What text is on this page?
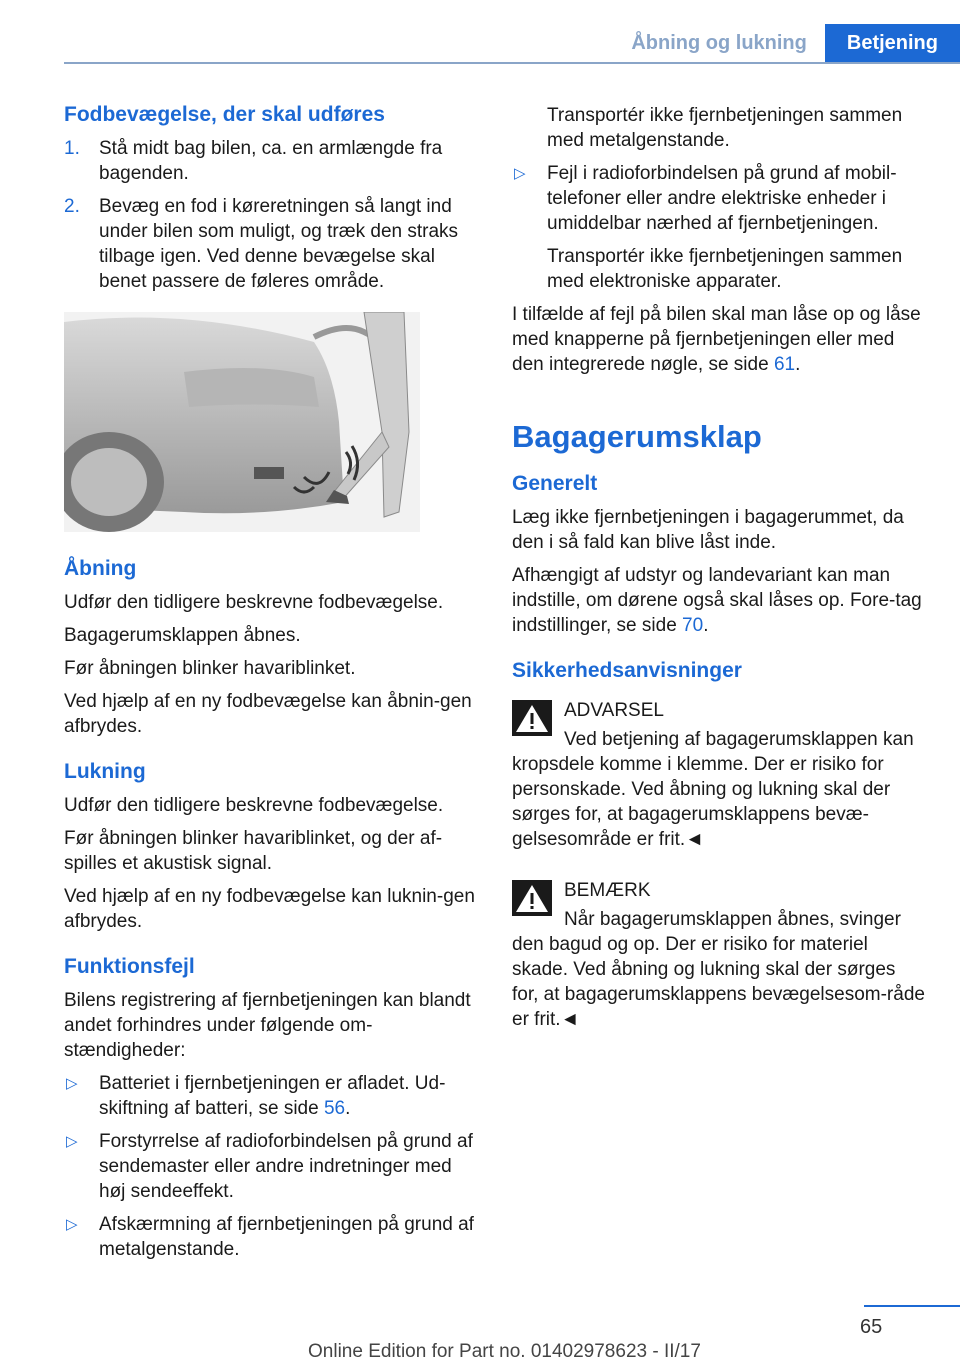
Åbning og lukning	Betjening
Fodbevægelse, der skal udføres
1. Stå midt bag bilen, ca. en armlængde fra bagenden.
2. Bevæg en fod i køreretningen så langt ind under bilen som muligt, og træk den straks tilbage igen. Ved denne bevægelse skal benet passere de føleres område.
Åbning

Udfør den tidligere beskrevne fodbevægelse.

Bagagerumsklappen åbnes.

Før åbningen blinker havariblinket.

Ved hjælp af en ny fodbevægelse kan åbnin-gen afbrydes.

Lukning

Udfør den tidligere beskrevne fodbevægelse.

Før åbningen blinker havariblinket, og der af-spilles et akustisk signal.

Ved hjælp af en ny fodbevægelse kan luknin-gen afbrydes.

Funktionsfejl

Bilens registrering af fjernbetjeningen kan blandt andet forhindres under følgende om-stændigheder:

▷ Batteriet i fjernbetjeningen er afladet. Ud-skiftning af batteri, se side 56.
▷ Forstyrrelse af radioforbindelsen på grund af sendemaster eller andre indretninger med høj sendeeffekt.
▷ Afskærmning af fjernbetjeningen på grund af metalgenstande.
Transportér ikke fjernbetjeningen sammen med metalgenstande.
▷ Fejl i radioforbindelsen på grund af mobil-telefoner eller andre elektriske enheder i umiddelbar nærhed af fjernbetjeningen.
Transportér ikke fjernbetjeningen sammen med elektroniske apparater.

I tilfælde af fejl på bilen skal man låse op og låse med knapperne på fjernbetjeningen eller med den integrerede nøgle, se side 61.

Bagagerumsklap
Generelt

Læg ikke fjernbetjeningen i bagagerummet, da den i så fald kan blive låst inde.

Afhængigt af udstyr og landevariant kan man indstille, om dørene også skal låses op. Fore-tag indstillinger, se side 70.

Sikkerhedsanvisninger

ADVARSEL

Ved betjening af bagagerumsklappen kan kropsdele komme i klemme. Der er risiko for personskade. Ved åbning og lukning skal der sørges for, at bagagerumsklappens bevæ-gelsesområde er frit.◄

BEMÆRK

Når bagagerumsklappen åbnes, svinger den bagud og op. Der er risiko for materiel skade. Ved åbning og lukning skal der sørges for, at bagagerumsklappens bevægelsesom-råde er frit.◄

65
Online Edition for Part no. 01402978623 - II/17
